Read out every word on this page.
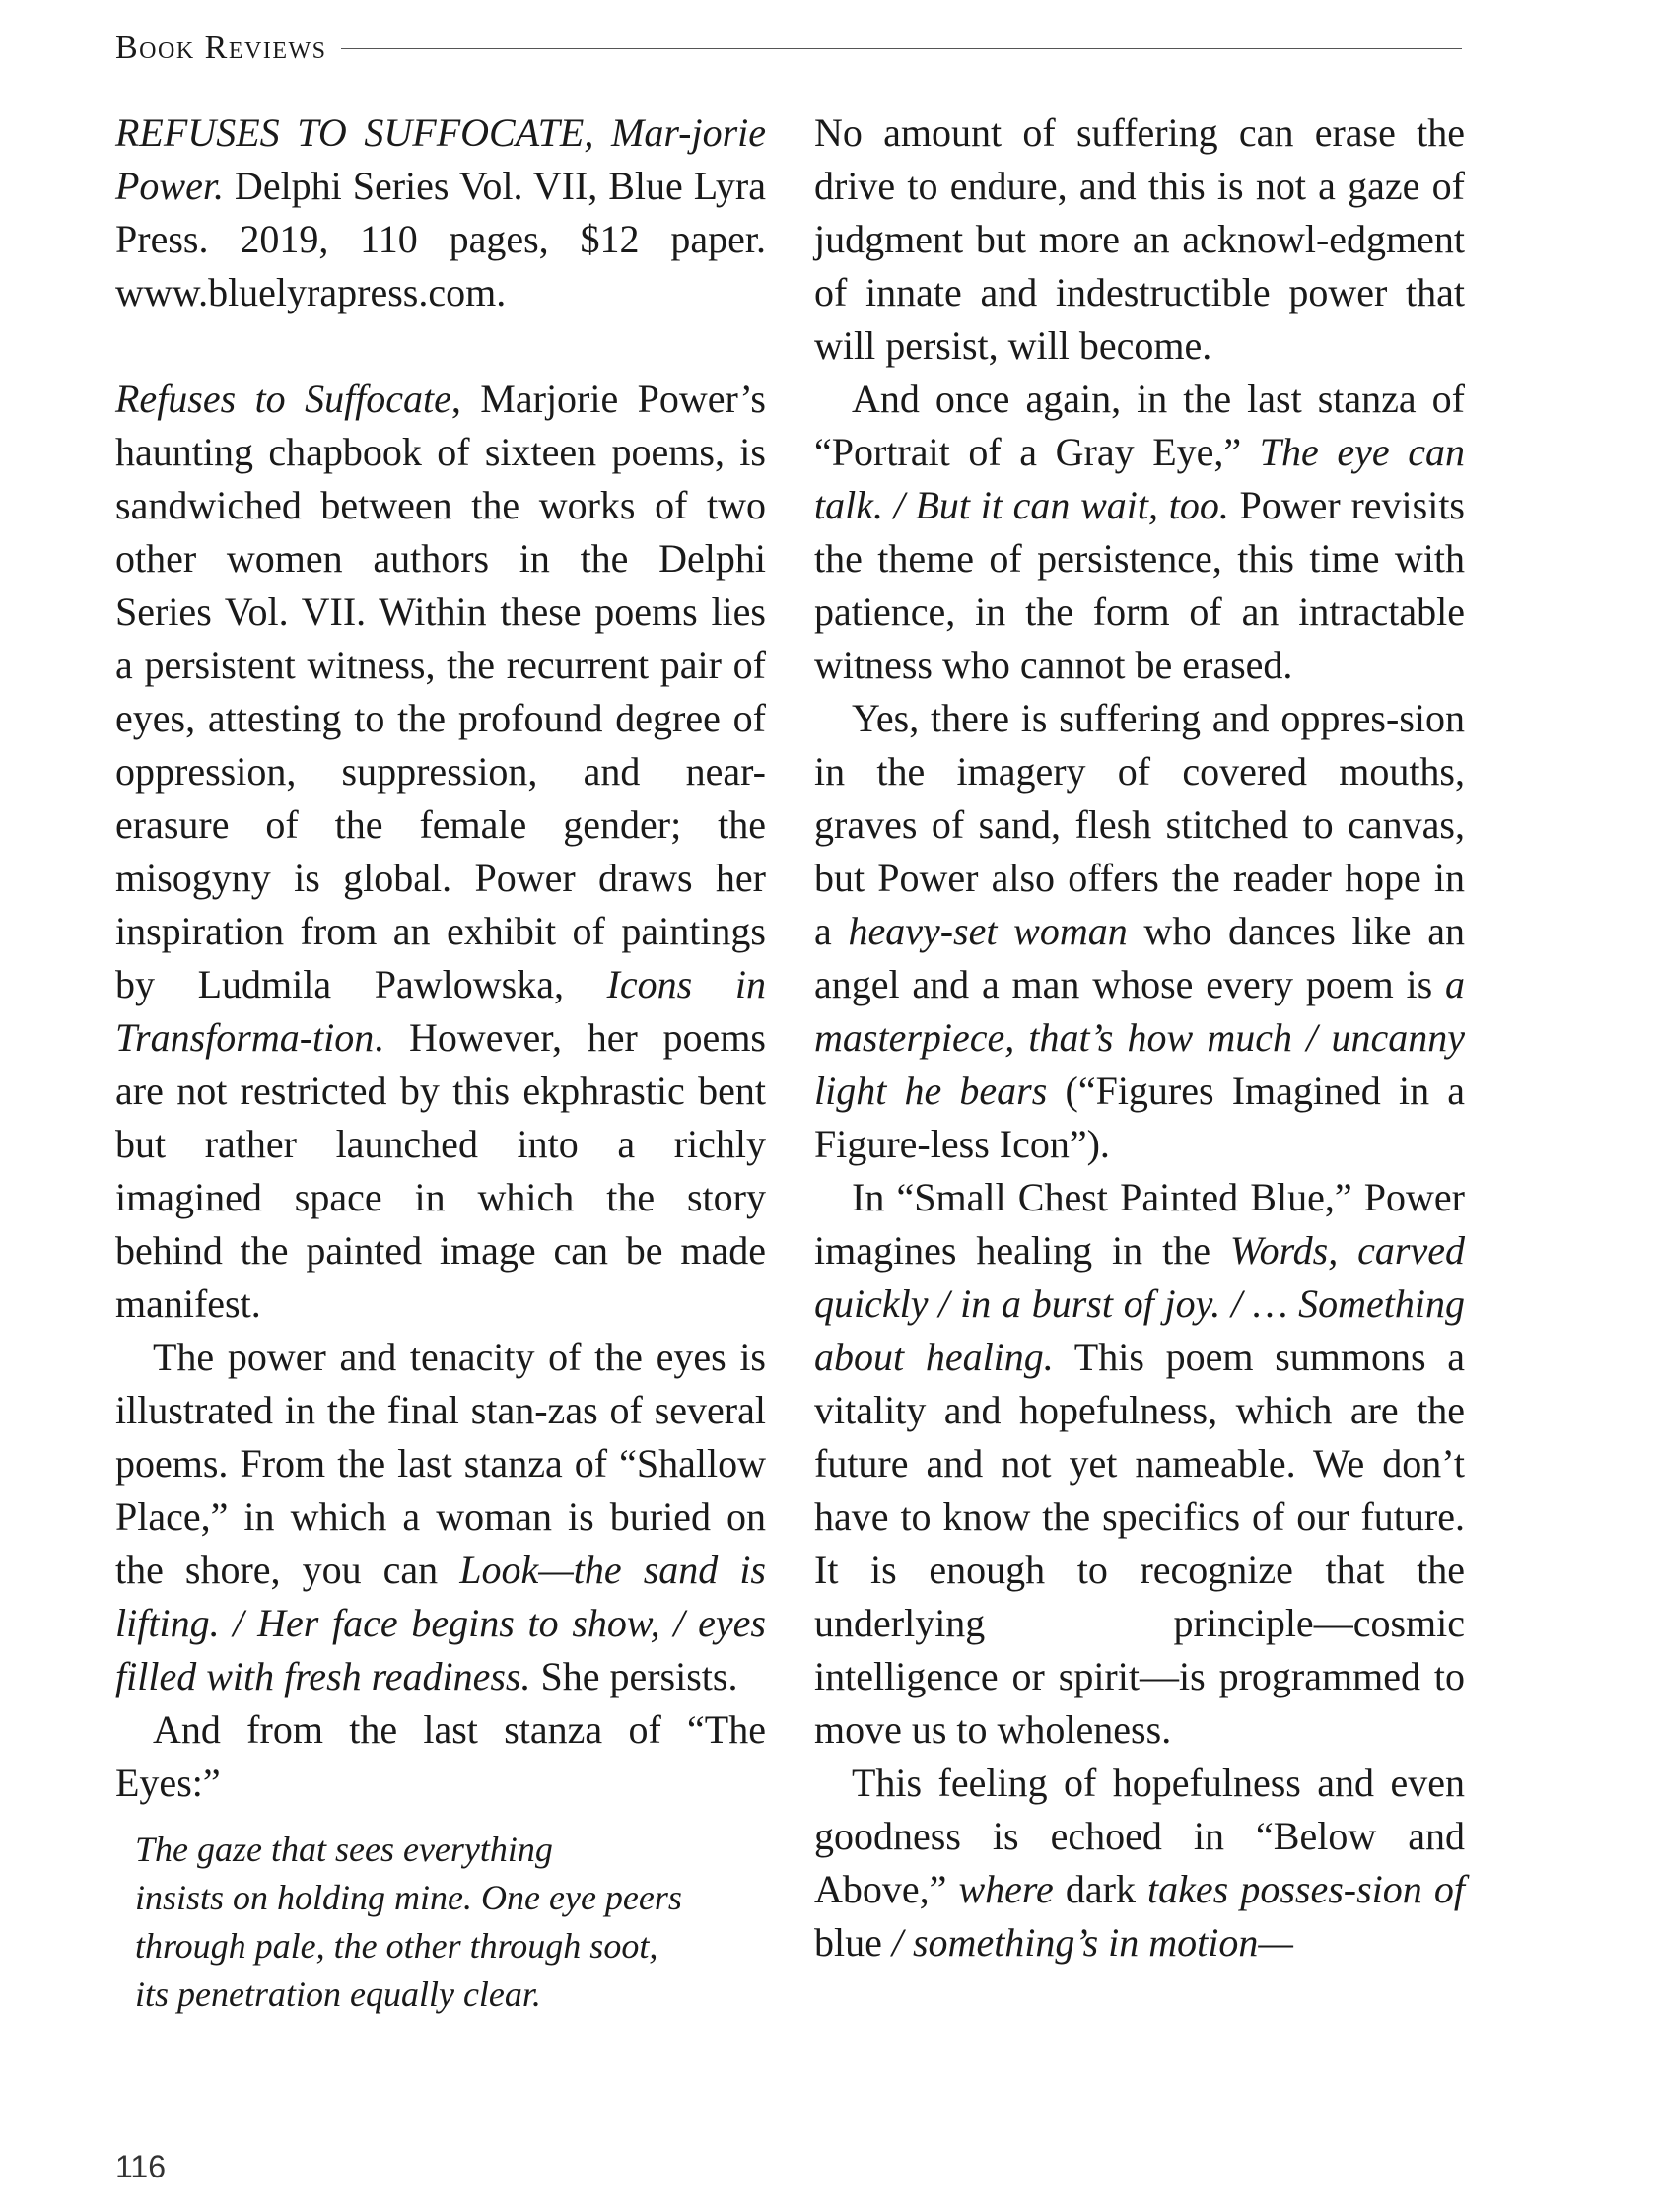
Book Reviews

REFUSES TO SUFFOCATE, Mar-jorie Power. Delphi Series Vol. VII, Blue Lyra Press. 2019, 110 pages, $12 paper. www.bluelyrapress.com.

Refuses to Suffocate, Marjorie Power’s haunting chapbook of sixteen poems, is sandwiched between the works of two other women authors in the Delphi Series Vol. VII. Within these poems lies a persistent witness, the recurrent pair of eyes, attesting to the profound degree of oppression, suppression, and near-erasure of the female gender; the misogyny is global. Power draws her inspiration from an exhibit of paintings by Ludmila Pawlowska, Icons in Transforma-tion. However, her poems are not restricted by this ekphrastic bent but rather launched into a richly imagined space in which the story behind the painted image can be made manifest.

The power and tenacity of the eyes is illustrated in the final stan-zas of several poems. From the last stanza of “Shallow Place,” in which a woman is buried on the shore, you can Look—the sand is lifting. / Her face begins to show, / eyes filled with fresh readiness. She persists.

And from the last stanza of “The Eyes:”

The gaze that sees everything
insists on holding mine. One eye peers
through pale, the other through soot,
its penetration equally clear.

No amount of suffering can erase the drive to endure, and this is not a gaze of judgment but more an acknowl-edgment of innate and indestructible power that will persist, will become.

And once again, in the last stanza of “Portrait of a Gray Eye,” The eye can talk. / But it can wait, too. Power revisits the theme of persistence, this time with patience, in the form of an intractable witness who cannot be erased.

Yes, there is suffering and oppres-sion in the imagery of covered mouths, graves of sand, flesh stitched to canvas, but Power also offers the reader hope in a heavy-set woman who dances like an angel and a man whose every poem is a masterpiece, that’s how much / uncanny light he bears (“Figures Imagined in a Figure-less Icon”).

In “Small Chest Painted Blue,” Power imagines healing in the Words, carved quickly / in a burst of joy. / … Something about healing. This poem summons a vitality and hopefulness, which are the future and not yet nameable. We don’t have to know the specifics of our future. It is enough to recognize that the underlying principle—cosmic intelligence or spirit—is programmed to move us to wholeness.

This feeling of hopefulness and even goodness is echoed in “Below and Above,” where dark takes posses-sion of blue / something’s in motion—

116
